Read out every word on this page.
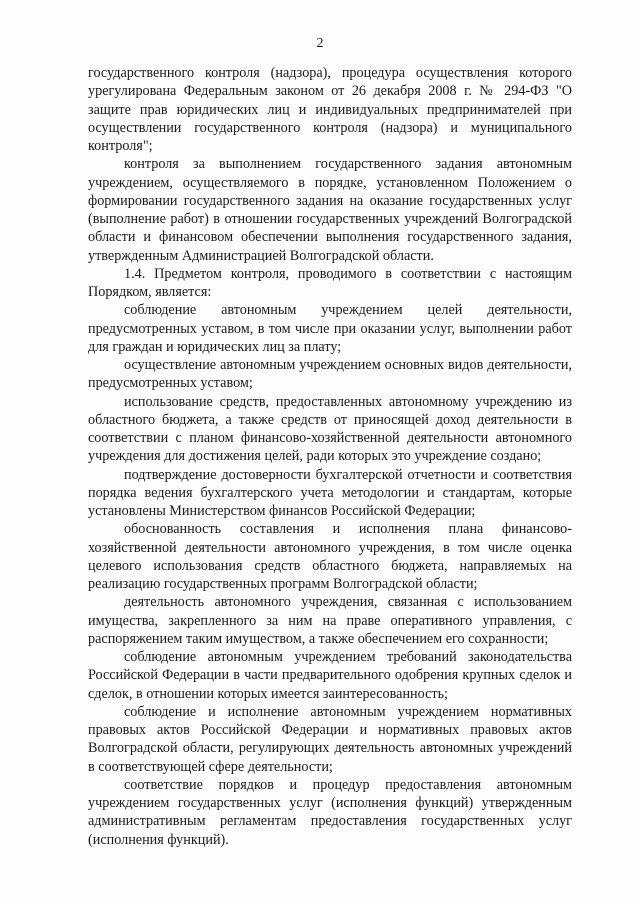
2

государственного контроля (надзора), процедура осуществления которого урегулирована Федеральным законом от 26 декабря 2008 г. № 294-ФЗ "О защите прав юридических лиц и индивидуальных предпринимателей при осуществлении государственного контроля (надзора) и муниципального контроля";

контроля за выполнением государственного задания автономным учреждением, осуществляемого в порядке, установленном Положением о формировании государственного задания на оказание государственных услуг (выполнение работ) в отношении государственных учреждений Волгоградской области и финансовом обеспечении выполнения государственного задания, утвержденным Администрацией Волгоградской области.

1.4. Предметом контроля, проводимого в соответствии с настоящим Порядком, является:

соблюдение автономным учреждением целей деятельности, предусмотренных уставом, в том числе при оказании услуг, выполнении работ для граждан и юридических лиц за плату;

осуществление автономным учреждением основных видов деятельности, предусмотренных уставом;

использование средств, предоставленных автономному учреждению из областного бюджета, а также средств от приносящей доход деятельности в соответствии с планом финансово-хозяйственной деятельности автономного учреждения для достижения целей, ради которых это учреждение создано;

подтверждение достоверности бухгалтерской отчетности и соответствия порядка ведения бухгалтерского учета методологии и стандартам, которые установлены Министерством финансов Российской Федерации;

обоснованность составления и исполнения плана финансово-хозяйственной деятельности автономного учреждения, в том числе оценка целевого использования средств областного бюджета, направляемых на реализацию государственных программ Волгоградской области;

деятельность автономного учреждения, связанная с использованием имущества, закрепленного за ним на праве оперативного управления, с распоряжением таким имуществом, а также обеспечением его сохранности;

соблюдение автономным учреждением требований законодательства Российской Федерации в части предварительного одобрения крупных сделок и сделок, в отношении которых имеется заинтересованность;

соблюдение и исполнение автономным учреждением нормативных правовых актов Российской Федерации и нормативных правовых актов Волгоградской области, регулирующих деятельность автономных учреждений в соответствующей сфере деятельности;

соответствие порядков и процедур предоставления автономным учреждением государственных услуг (исполнения функций) утвержденным административным регламентам предоставления государственных услуг (исполнения функций).
